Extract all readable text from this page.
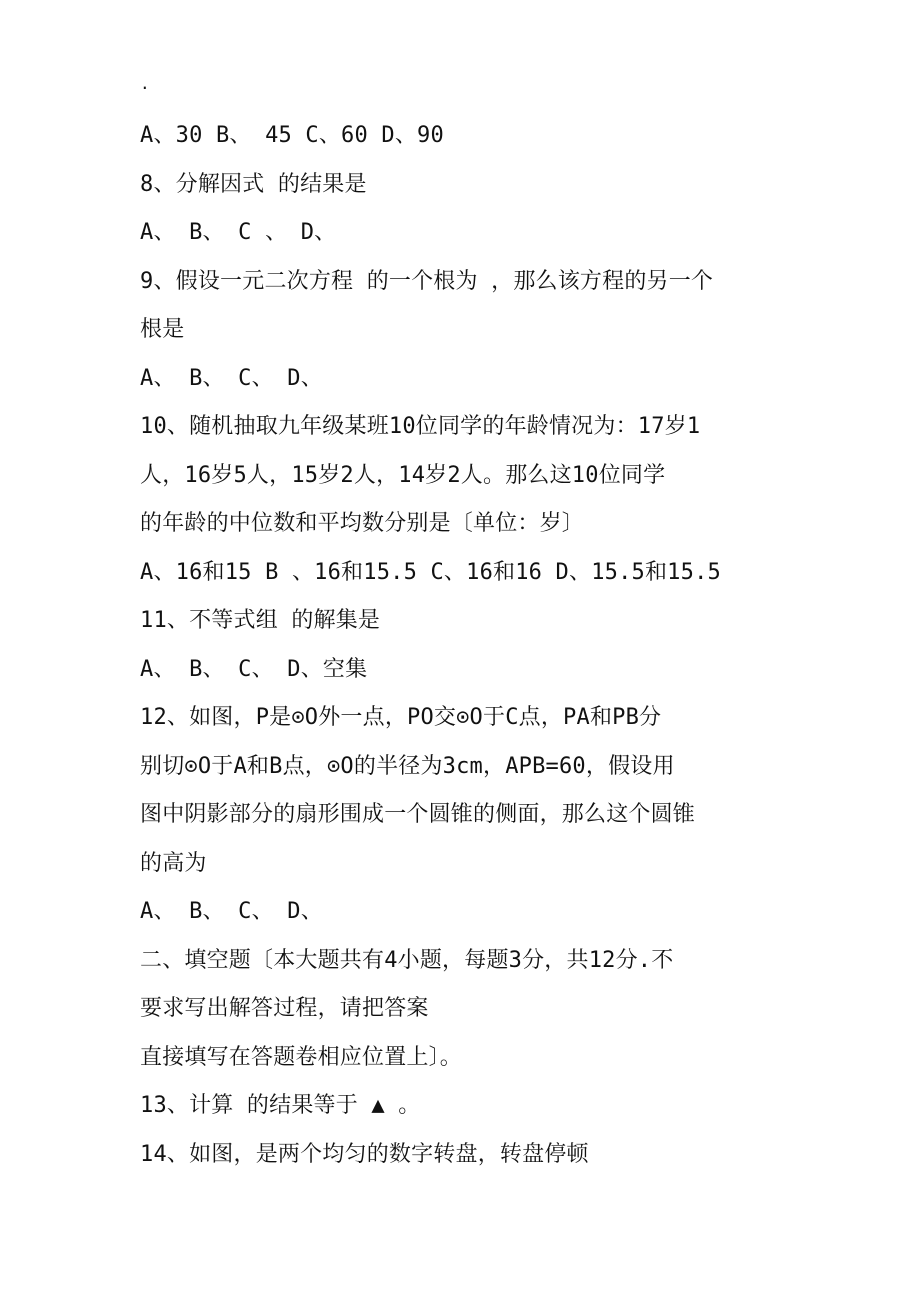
.
A、30 B、 45 C、60 D、90
8、分解因式 的结果是
A、 B、 C 、 D、
9、假设一元二次方程 的一个根为 ，那么该方程的另一个
根是
A、 B、 C、 D、
10、随机抽取九年级某班10位同学的年龄情况为：17岁1
人，16岁5人，15岁2人，14岁2人。那么这10位同学
的年龄的中位数和平均数分别是〔单位：岁〕
A、16和15 B 、16和15.5 C、16和16 D、15.5和15.5
11、不等式组 的解集是
A、 B、 C、 D、空集
12、如图，P是⊙O外一点，PO交⊙O于C点，PA和PB分
别切⊙O于A和B点，⊙O的半径为3cm，APB=60，假设用
图中阴影部分的扇形围成一个圆锥的侧面，那么这个圆锥
的高为
A、 B、 C、 D、
二、填空题〔本大题共有4小题，每题3分，共12分.不
要求写出解答过程，请把答案
直接填写在答题卷相应位置上〕。
13、计算 的结果等于 ▲ 。
14、如图，是两个均匀的数字转盘，转盘停顿
